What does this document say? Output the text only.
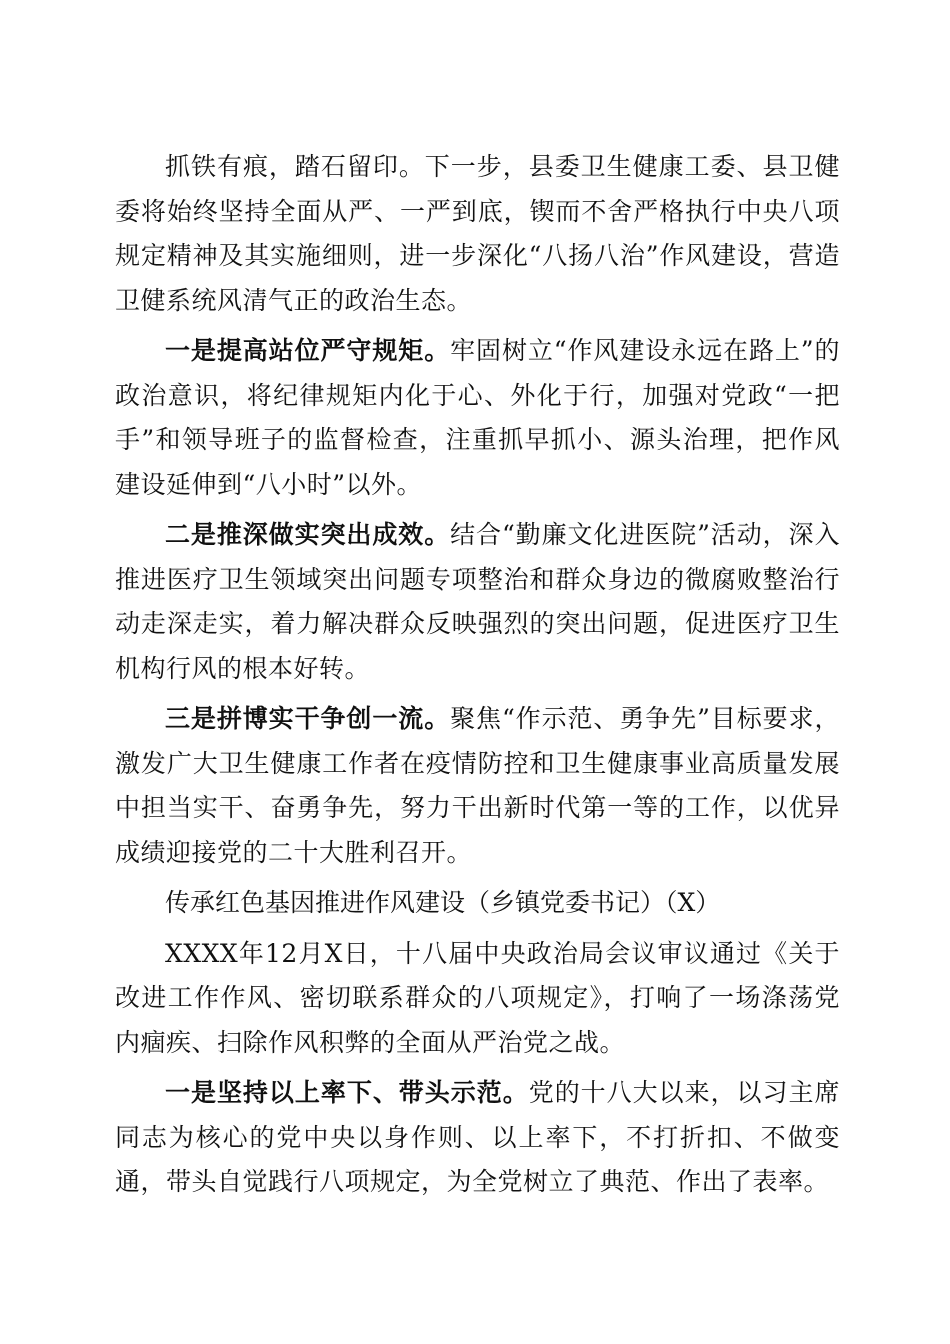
抓铁有痕，踏石留印。下一步，县委卫生健康工委、县卫健委将始终坚持全面从严、一严到底，锲而不舍严格执行中央八项规定精神及其实施细则，进一步深化“八扬八治”作风建设，营造卫健系统风清气正的政治生态。

一是提高站位严守规矩。牢固树立“作风建设永远在路上”的政治意识，将纪律规矩内化于心、外化于行，加强对党政“一把手”和领导班子的监督检查，注重抓早抓小、源头治理，把作风建设延伸到“八小时”以外。

二是推深做实突出成效。结合“勤廉文化进医院”活动，深入推进医疗卫生领域突出问题专项整治和群众身边的微腐败整治行动走深走实，着力解决群众反映强烈的突出问题，促进医疗卫生机构行风的根本好转。

三是拼博实干争创一流。聚焦“作示范、勇争先”目标要求，激发广大卫生健康工作者在疫情防控和卫生健康事业高质量发展中担当实干、奋勇争先，努力干出新时代第一等的工作，以优异成绩迎接党的二十大胜利召开。

传承红色基因推进作风建设（乡镇党委书记）（X）

XXXX年12月X日，十八届中央政治局会议审议通过《关于改进工作作风、密切联系群众的八项规定》，打响了一场涤荡党内痼疾、扫除作风积弊的全面从严治党之战。

一是坚持以上率下、带头示范。党的十八大以来，以习主席同志为核心的党中央以身作则、以上率下，不打折扣、不做变通，带头自觉践行八项规定，为全党树立了典范、作出了表率。
